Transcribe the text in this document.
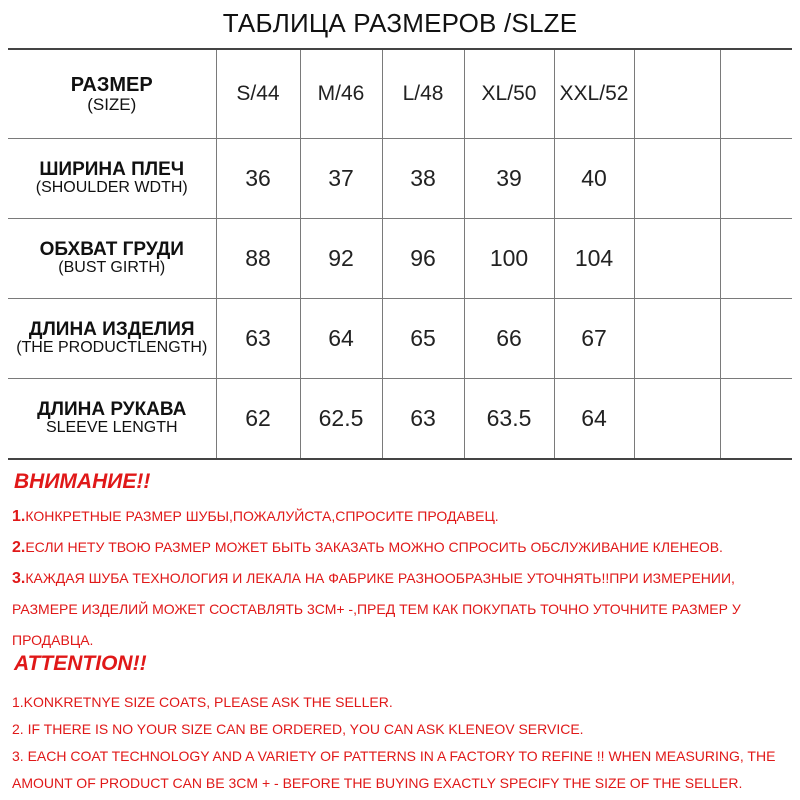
ТАБЛИЦА РАЗМЕРОВ /SLZE
РАЗМЕР
(SIZE)	S/44	M/46	L/48	XL/50	XXL/52		

ШИРИНА ПЛЕЧ
(SHOULDER WDTH)	36	37	38	39	40		

ОБХВАТ ГРУДИ
(BUST GIRTH)	88	92	96	100	104		

ДЛИНА ИЗДЕЛИЯ
(THE PRODUCTLENGTH)	63	64	65	66	67		

ДЛИНА РУКАВА
SLEEVE LENGTH	62	62.5	63	63.5	64		
ВНИМАНИЕ!!
1.КОНКРЕТНЫЕ РАЗМЕР ШУБЫ,ПОЖАЛУЙСТА,СПРОСИТЕ ПРОДАВЕЦ.
2.ЕСЛИ НЕТУ ТВОЮ РАЗМЕР МОЖЕТ БЫТЬ ЗАКАЗАТЬ МОЖНО СПРОСИТЬ ОБСЛУЖИВАНИЕ КЛЕНЕОВ.
3.КАЖДАЯ ШУБА ТЕХНОЛОГИЯ И ЛЕКАЛА НА ФАБРИКЕ РАЗНООБРАЗНЫЕ УТОЧНЯТЬ!!ПРИ ИЗМЕРЕНИИ, РАЗМЕРЕ ИЗДЕЛИЙ МОЖЕТ СОСТАВЛЯТЬ 3СМ+ -,ПРЕД ТЕМ КАК ПОКУПАТЬ ТОЧНО УТОЧНИТЕ РАЗМЕР У ПРОДАВЦА.
ATTENTION!!
1.KONKRETNYE SIZE COATS, PLEASE ASK THE SELLER.
2. IF THERE IS NO YOUR SIZE CAN BE ORDERED, YOU CAN ASK KLENEOV SERVICE.
3. EACH COAT TECHNOLOGY AND A VARIETY OF PATTERNS IN A FACTORY TO REFINE !! WHEN MEASURING, THE AMOUNT OF PRODUCT CAN BE 3CM + - BEFORE THE BUYING EXACTLY SPECIFY THE SIZE OF THE SELLER.
